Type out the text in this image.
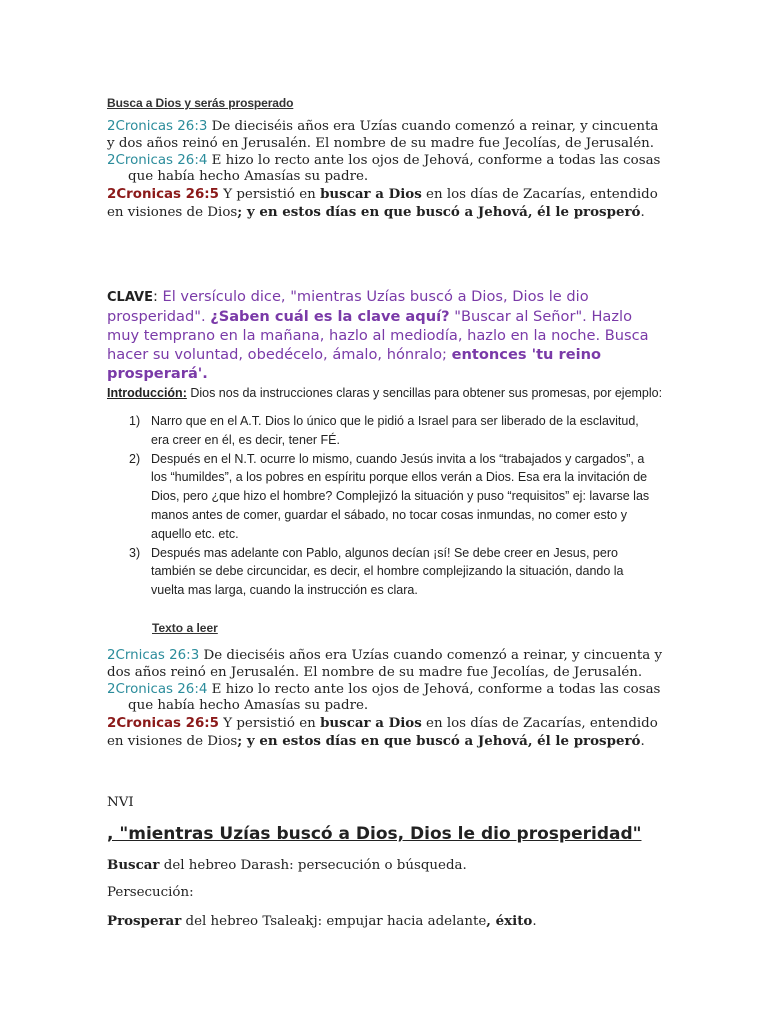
Busca a Dios y serás prosperado
2Cronicas 26:3 De dieciséis años era Uzías cuando comenzó a reinar, y cincuenta y dos años reinó en Jerusalén. El nombre de su madre fue Jecolías, de Jerusalén.
2Cronicas 26:4 E hizo lo recto ante los ojos de Jehová, conforme a todas las cosas que había hecho Amasías su padre.
2Cronicas 26:5 Y persistió en buscar a Dios en los días de Zacarías, entendido en visiones de Dios; y en estos días en que buscó a Jehová, él le prosperó.
CLAVE: El versículo dice, "mientras Uzías buscó a Dios, Dios le dio prosperidad". ¿Saben cuál es la clave aquí? "Buscar al Señor". Hazlo muy temprano en la mañana, hazlo al mediodía, hazlo en la noche. Busca hacer su voluntad, obedécelo, ámalo, hónralo; entonces 'tu reino prosperará'.
Introducción: Dios nos da instrucciones claras y sencillas para obtener sus promesas, por ejemplo:
1) Narro que en el A.T. Dios lo único que le pidió a Israel para ser liberado de la esclavitud, era creer en él, es decir, tener FÉ.
2) Después en el N.T. ocurre lo mismo, cuando Jesús invita a los “trabajados y cargados”, a los “humildes”, a los pobres en espíritu porque ellos verán a Dios. Esa era la invitación de Dios, pero ¿que hizo el hombre? Complejizó la situación y puso “requisitos” ej: lavarse las manos antes de comer, guardar el sábado, no tocar cosas inmundas, no comer esto y aquello etc. etc.
3) Después mas adelante con Pablo, algunos decían ¡sí! Se debe creer en Jesus, pero también se debe circuncidar, es decir, el hombre complejizando la situación, dando la vuelta mas larga, cuando la instrucción es clara.
Texto a leer
2Crnicas 26:3 De dieciséis años era Uzías cuando comenzó a reinar, y cincuenta y dos años reinó en Jerusalén. El nombre de su madre fue Jecolías, de Jerusalén.
2Cronicas 26:4 E hizo lo recto ante los ojos de Jehová, conforme a todas las cosas que había hecho Amasías su padre.
2Cronicas 26:5 Y persistió en buscar a Dios en los días de Zacarías, entendido en visiones de Dios; y en estos días en que buscó a Jehová, él le prosperó.
NVI
, "mientras Uzías buscó a Dios, Dios le dio prosperidad"
Buscar del hebreo Darash: persecución o búsqueda.
Persecución:
Prosperar del hebreo Tsaleakj: empujar hacia adelante, éxito.
